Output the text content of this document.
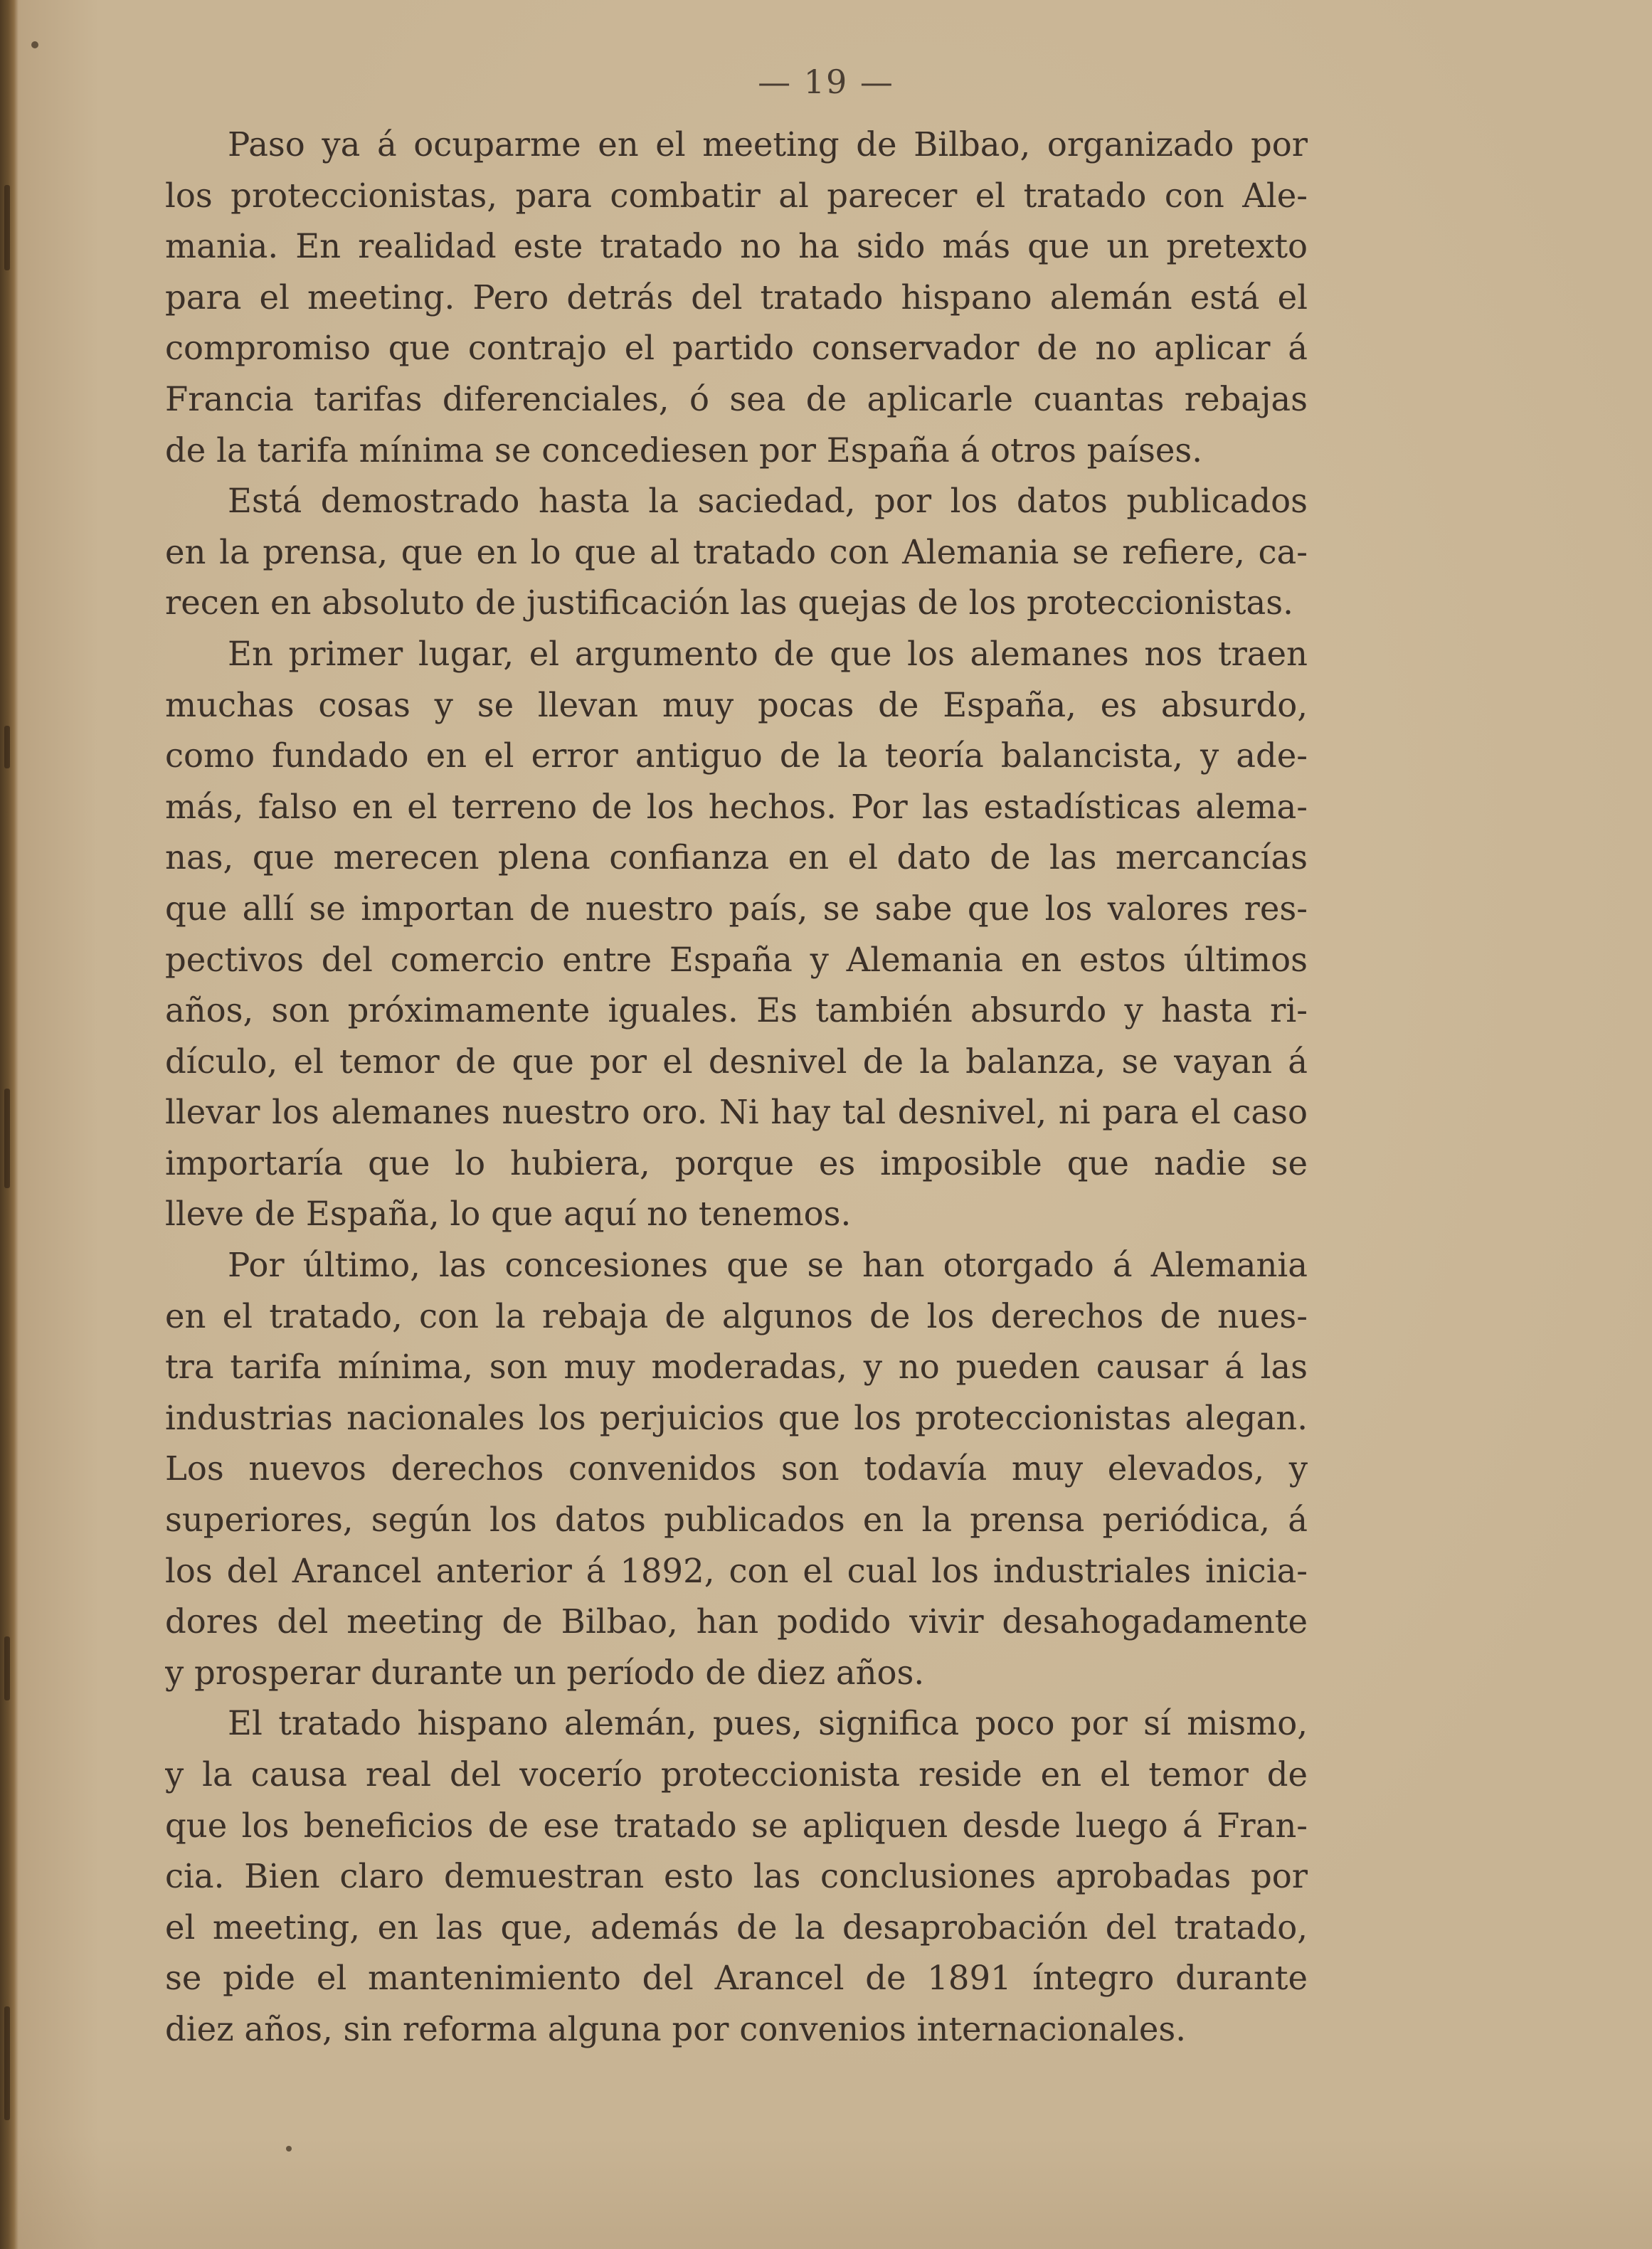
— 19 —
Paso ya á ocuparme en el meeting de Bilbao, organizado por
los proteccionistas, para combatir al parecer el tratado con Ale-
mania. En realidad este tratado no ha sido más que un pretexto
para el meeting. Pero detrás del tratado hispano alemán está el
compromiso que contrajo el partido conservador de no aplicar á
Francia tarifas diferenciales, ó sea de aplicarle cuantas rebajas
de la tarifa mínima se concediesen por España á otros países.
Está demostrado hasta la saciedad, por los datos publicados
en la prensa, que en lo que al tratado con Alemania se refiere, ca-
recen en absoluto de justificación las quejas de los proteccionistas.
En primer lugar, el argumento de que los alemanes nos traen
muchas cosas y se llevan muy pocas de España, es absurdo,
como fundado en el error antiguo de la teoría balancista, y ade-
más, falso en el terreno de los hechos. Por las estadísticas alema-
nas, que merecen plena confianza en el dato de las mercancías
que allí se importan de nuestro país, se sabe que los valores res-
pectivos del comercio entre España y Alemania en estos últimos
años, son próximamente iguales. Es también absurdo y hasta ri-
dículo, el temor de que por el desnivel de la balanza, se vayan á
llevar los alemanes nuestro oro. Ni hay tal desnivel, ni para el caso
importaría que lo hubiera, porque es imposible que nadie se
lleve de España, lo que aquí no tenemos.
Por último, las concesiones que se han otorgado á Alemania
en el tratado, con la rebaja de algunos de los derechos de nues-
tra tarifa mínima, son muy moderadas, y no pueden causar á las
industrias nacionales los perjuicios que los proteccionistas alegan.
Los nuevos derechos convenidos son todavía muy elevados, y
superiores, según los datos publicados en la prensa periódica, á
los del Arancel anterior á 1892, con el cual los industriales inicia-
dores del meeting de Bilbao, han podido vivir desahogadamente
y prosperar durante un período de diez años.
El tratado hispano alemán, pues, significa poco por sí mismo,
y la causa real del vocerío proteccionista reside en el temor de
que los beneficios de ese tratado se apliquen desde luego á Fran-
cia. Bien claro demuestran esto las conclusiones aprobadas por
el meeting, en las que, además de la desaprobación del tratado,
se pide el mantenimiento del Arancel de 1891 íntegro durante
diez años, sin reforma alguna por convenios internacionales.
